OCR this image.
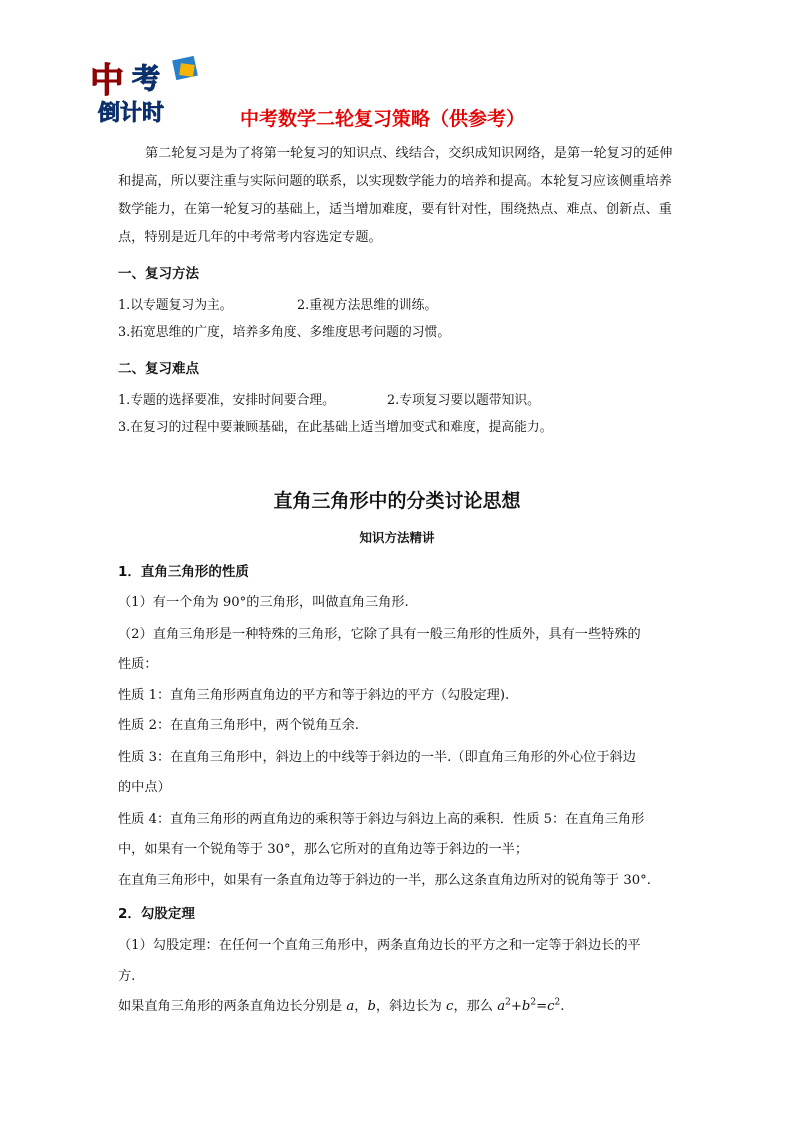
中 考
倒计时	中考数学二轮复习策略（供参考）

第二轮复习是为了将第一轮复习的知识点、线结合，交织成知识网络，是第一轮复习的延伸和提高，所以要注重与实际问题的联系，以实现数学能力的培养和提高。本轮复习应该侧重培养数学能力，在第一轮复习的基础上，适当增加难度，要有针对性，围绕热点、难点、创新点、重点，特别是近几年的中考常考内容选定专题。

一、复习方法
1.以专题复习为主。	2.重视方法思维的训练。
3.拓宽思维的广度，培养多角度、多维度思考问题的习惯。
二、复习难点
1.专题的选择要准，安排时间要合理。	2.专项复习要以题带知识。
3.在复习的过程中要兼顾基础，在此基础上适当增加变式和难度，提高能力。
直角三角形中的分类讨论思想
知识方法精讲
1．直角三角形的性质
（1）有一个角为 90°的三角形，叫做直角三角形.
（2）直角三角形是一种特殊的三角形，它除了具有一般三角形的性质外，具有一些特殊的
性质：
性质 1：直角三角形两直角边的平方和等于斜边的平方（勾股定理).
性质 2：在直角三角形中，两个锐角互余.
性质 3：在直角三角形中，斜边上的中线等于斜边的一半.（即直角三角形的外心位于斜边
的中点）
性质 4：直角三角形的两直角边的乘积等于斜边与斜边上高的乘积．性质 5：在直角三角形
中，如果有一个锐角等于 30°，那么它所对的直角边等于斜边的一半；
在直角三角形中，如果有一条直角边等于斜边的一半，那么这条直角边所对的锐角等于 30°.
2．勾股定理
（1）勾股定理：在任何一个直角三角形中，两条直角边长的平方之和一定等于斜边长的平
方.
如果直角三角形的两条直角边长分别是 a，b，斜边长为 c，那么 $a^2+b^2=c^2$.
